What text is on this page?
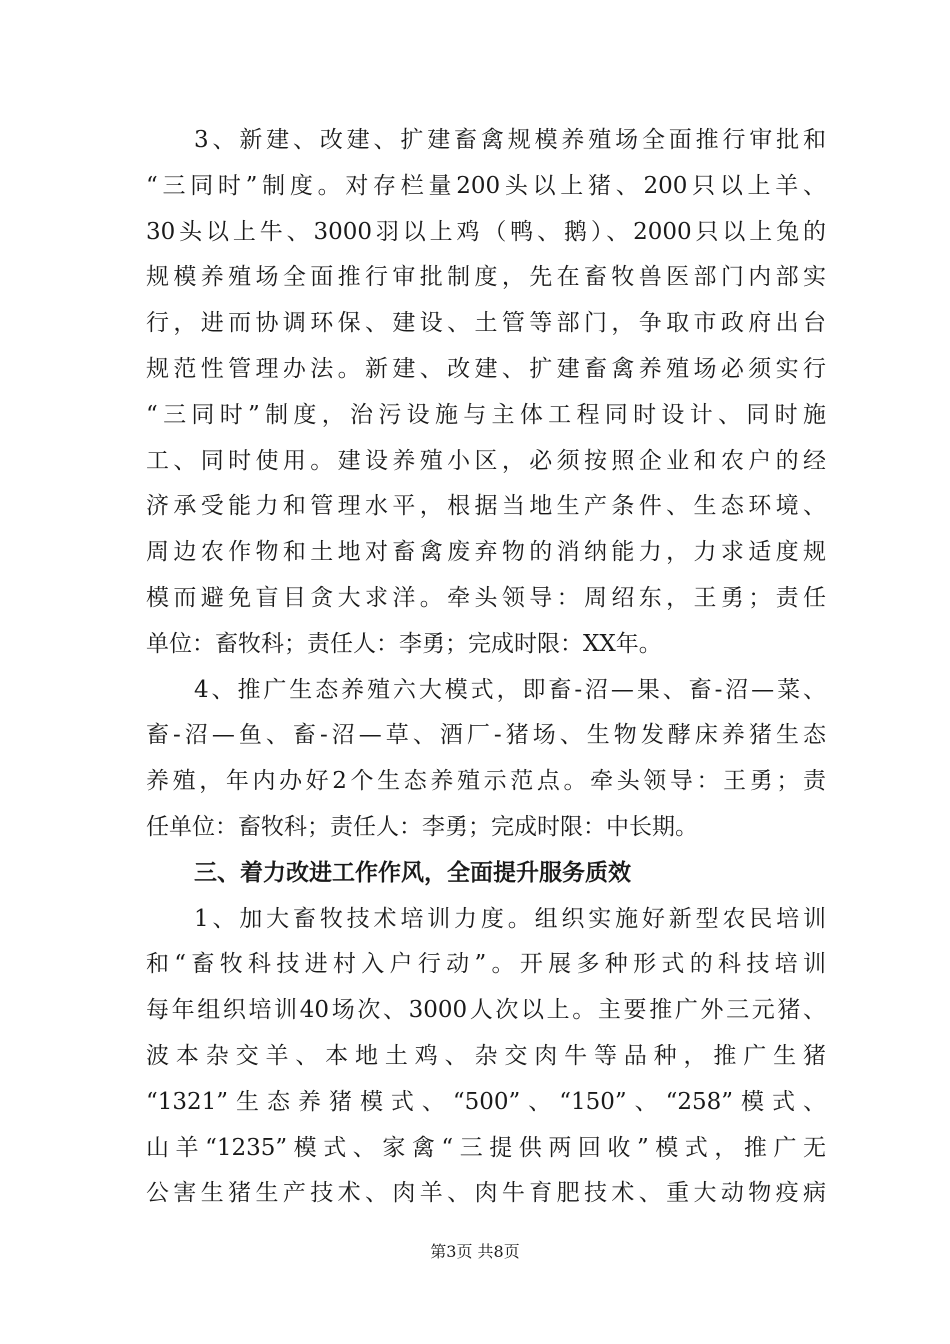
3、新建、改建、扩建畜禽规模养殖场全面推行审批和
“三同时”制度。对存栏量200头以上猪、200只以上羊、
30头以上牛、3000羽以上鸡（鸭、鹅）、2000只以上兔的
规模养殖场全面推行审批制度，先在畜牧兽医部门内部实
行，进而协调环保、建设、土管等部门，争取市政府出台
规范性管理办法。新建、改建、扩建畜禽养殖场必须实行
“三同时”制度，治污设施与主体工程同时设计、同时施
工、同时使用。建设养殖小区，必须按照企业和农户的经
济承受能力和管理水平，根据当地生产条件、生态环境、
周边农作物和土地对畜禽废弃物的消纳能力，力求适度规
模而避免盲目贪大求洋。牵头领导：周绍东，王勇；责任
单位：畜牧科；责任人：李勇；完成时限：XX年。
4、推广生态养殖六大模式，即畜-沼—果、畜-沼—菜、
畜-沼—鱼、畜-沼—草、酒厂-猪场、生物发酵床养猪生态
养殖，年内办好2个生态养殖示范点。牵头领导：王勇；责
任单位：畜牧科；责任人：李勇；完成时限：中长期。
三、着力改进工作作风，全面提升服务质效
1、加大畜牧技术培训力度。组织实施好新型农民培训
和“畜牧科技进村入户行动”。开展多种形式的科技培训
每年组织培训40场次、3000人次以上。主要推广外三元猪、
波本杂交羊、本地土鸡、杂交肉牛等品种，推广生猪
“1321”生态养猪模式、“500”、“150”、“258”模式、
山羊“1235”模式、家禽“三提供两回收”模式，推广无
公害生猪生产技术、肉羊、肉牛育肥技术、重大动物疫病
第3页 共8页
